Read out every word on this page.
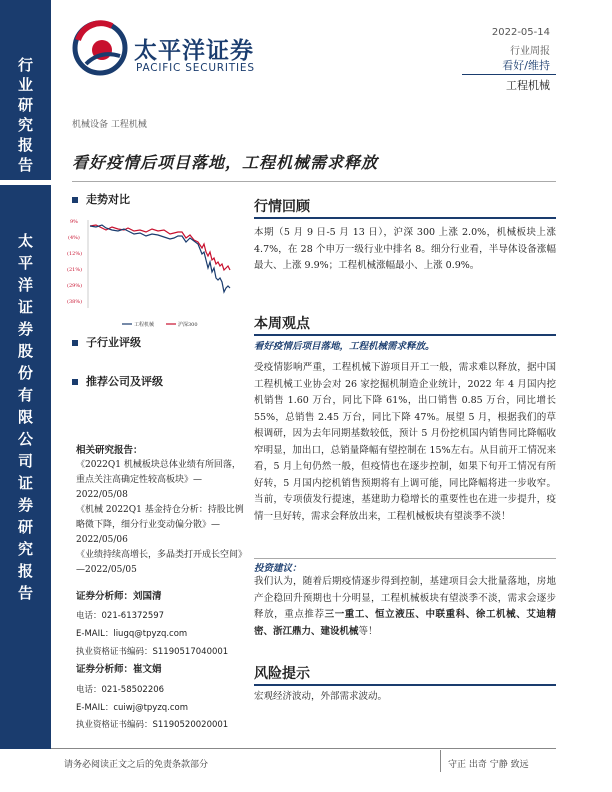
行
业
研
究
报
告
太
平
洋
证
券
股
份
有
限
公
司
证
券
研
究
报
告
太平洋证券
PACIFIC SECURITIES
2022-05-14
行业周报
看好/维持
工程机械
机械设备 工程机械
看好疫情后项目落地，工程机械需求释放
走势对比
9%
(4%)
(12%)
(21%)
(29%)
(38%)
工程机械	沪深300
子行业评级
推荐公司及评级
相关研究报告：
《2022Q1 机械板块总体业绩有所回落，重点关注高确定性较高板块》—2022/05/08
《机械 2022Q1 基金持仓分析：持股比例略微下降，细分行业变动偏分散》—2022/05/06
《业绩持续高增长，多晶类打开成长空间》—2022/05/05
证券分析师：刘国清
电话：021-61372597
E-MAIL：liugq@tpyzq.com
执业资格证书编码：S1190517040001
证券分析师：崔文娟
电话：021-58502206
E-MAIL：cuiwj@tpyzq.com
执业资格证书编码：S1190520020001
行情回顾
本期（5 月 9 日-5 月 13 日），沪深 300 上涨 2.0%，机械板块上涨 4.7%，在 28 个申万一级行业中排名 8。细分行业看，半导体设备涨幅最大、上涨 9.9%；工程机械涨幅最小、上涨 0.9%。
本周观点
看好疫情后项目落地，工程机械需求释放。
受疫情影响严重，工程机械下游项目开工一般，需求难以释放，据中国工程机械工业协会对 26 家挖掘机制造企业统计，2022 年 4 月国内挖机销售 1.60 万台，同比下降 61%，出口销售 0.85 万台，同比增长 55%，总销售 2.45 万台，同比下降 47%。展望 5 月，根据我们的草根调研，因为去年同期基数较低，预计 5 月份挖机国内销售同比降幅收窄明显，加出口，总销量降幅有望控制在 15%左右。从目前开工情况来看，5 月上旬仍然一般，但疫情也在逐步控制，如果下旬开工情况有所好转，5 月国内挖机销售预期将有上调可能，同比降幅将进一步收窄。当前，专项债发行提速，基建助力稳增长的重要性也在进一步提升，疫情一旦好转，需求会释放出来，工程机械板块有望淡季不淡！
投资建议：
我们认为，随着后期疫情逐步得到控制，基建项目会大批量落地，房地产企稳回升预期也十分明显，工程机械板块有望淡季不淡，需求会逐步释放，重点推荐三一重工、恒立液压、中联重科、徐工机械、艾迪精密、浙江鼎力、建设机械等！
风险提示
宏观经济波动，外部需求波动。
请务必阅读正文之后的免责条款部分	守正 出奇 宁静 致远
